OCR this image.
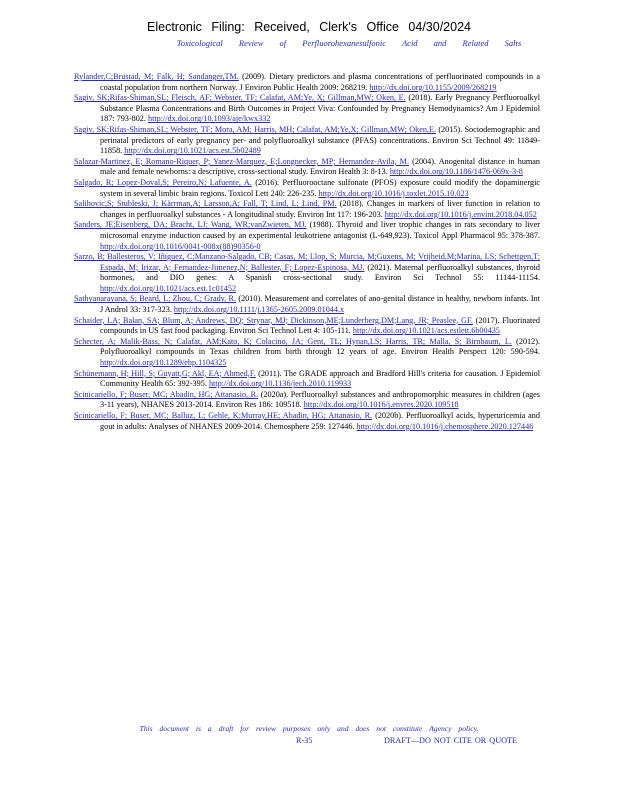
Electronic Filing: Received, Clerk's Office 04/30/2024
Toxicological Review of Perfluorohexanesulfonic Acid and Related Salts

Rylander,C;Brustad, M; Falk, H; Sandanger,TM. (2009). Dietary predictors and plasma concentrations of perfluorinated compounds in a coastal population from northern Norway. J Environ Public Health 2009: 268219. http://dx.doi.org/10.1155/2009/268219

Sagiv, SK;Rifas-Shiman,SL; Fleisch, AF; Webster, TF; Calafat, AM;Ye, X; Gillman,MW; Oken, E. (2018). Early Pregnancy Perfluoroalkyl Substance Plasma Concentrations and Birth Outcomes in Project Viva: Confounded by Pregnancy Hemodynamics? Am J Epidemiol 187: 793-802. http://dx.doi.org/10.1093/aje/kwx332

Sagiv, SK;Rifas-Shiman,SL; Webster, TF; Mora, AM; Harris, MH; Calafat, AM;Ye,X; Gillman,MW; Oken,E. (2015). Sociodemographic and perinatal predictors of early pregnancy per- and polyfluoroalkyl substance (PFAS) concentrations. Environ Sci Technol 49: 11849-11858. http://dx.doi.org/10.1021/acs.est.5b02489

Salazar-Martinez, E; Romano-Riquer, P; Yanez-Marquez, E;Longnecker, MP; Hernandez-Avila, M. (2004). Anogenital distance in human male and female newborns: a descriptive, cross-sectional study. Environ Health 3: 8-13. http://dx.doi.org/10.1186/1476-069x-3-8

Salgado, R; Lopez-Doval,S; Pereiro,N; Lafuente, A. (2016). Perfluorooctane sulfonate (PFOS) exposure could modify the dopaminergic system in several limbic brain regions. Toxicol Lett 240: 226-235. http://dx.doi.org/10.1016/j.toxlet.2015.10.023

Salihovic,S; Stubleski, J; Kärrman,A; Larsson,A; Fall, T; Lind, L; Lind, PM. (2018). Changes in markers of liver function in relation to changes in perfluoroalkyl substances - A longitudinal study. Environ Int 117: 196-203. http://dx.doi.org/10.1016/j.envint.2018.04.052

Sanders, JE;Eisenberg, DA; Bracht, LJ; Wang, WR;vanZwieten, MJ. (1988). Thyroid and liver trophic changes in rats secondary to liver microsomal enzyme induction caused by an experimental leukotriene antagonist (L-649,923). Toxicol Appl Pharmacol 95: 378-387. http://dx.doi.org/10.1016/0041-008x(88)90356-0

Sarzo, B; Ballesteros, V; Iñiguez, C;Manzano-Salgado, CB; Casas, M; Llop, S; Murcia, M;Guxens, M; Vrijheid,M;Marina, LS; Schettgen,T; Espada, M; Irizar, A; Fernandez-Jimenez,N; Ballester, F; Lopez-Espinosa, MJ. (2021). Maternal perfluoroalkyl substances, thyroid hormones, and DIO genes: A Spanish cross-sectional study. Environ Sci Technol 55: 11144-11154. http://dx.doi.org/10.1021/acs.est.1c01452

Sathyanarayana, S; Beard, L; Zhou, C; Grady, R. (2010). Measurement and correlates of ano-genital distance in healthy, newborn infants. Int J Androl 33: 317-323. http://dx.doi.org/10.1111/j.1365-2605.2009.01044.x

Schaider, LA; Balan, SA; Blum, A; Andrews, DQ; Strynar, MJ; Dickinson,ME;Lunderberg,DM;Lang, JR; Peaslee, GF. (2017). Fluorinated compounds in US fast food packaging. Environ Sci Technol Lett 4: 105-111. http://dx.doi.org/10.1021/acs.estlett.6b00435

Schecter, A; Malik-Bass, N; Calafat, AM;Kato, K; Colacino, JA; Gent, TL; Hynan,LS; Harris, TR; Malla, S; Birnbaum, L. (2012). Polyfluoroalkyl compounds in Texas children from birth through 12 years of age. Environ Health Perspect 120: 590-594. http://dx.doi.org/10.1289/ehp.1104325

Schünemann, H; Hill, S; Guyatt,G; Akl, EA; Ahmed,F. (2011). The GRADE approach and Bradford Hill's criteria for causation. J Epidemiol Community Health 65: 392-395. http://dx.doi.org/10.1136/jech.2010.119933

Scinicariello, F; Buser, MC; Abadin, HG; Attanasio, R. (2020a). Perfluoroalkyl substances and anthropomorphic measures in children (ages 3-11 years), NHANES 2013-2014. Environ Res 186: 109518. http://dx.doi.org/10.1016/j.envres.2020.109518

Scinicariello, F; Buser, MC; Balluz, L; Gehle, K;Murray,HE; Abadin, HG; Attanasio, R. (2020b). Perfluoroalkyl acids, hyperuricemia and gout in adults: Analyses of NHANES 2009-2014. Chemosphere 259: 127446. http://dx.doi.org/10.1016/j.chemosphere.2020.127446

This document is a draft for review purposes only and does not constitute Agency policy.
R-35	DRAFT—DO NOT CITE OR QUOTE
